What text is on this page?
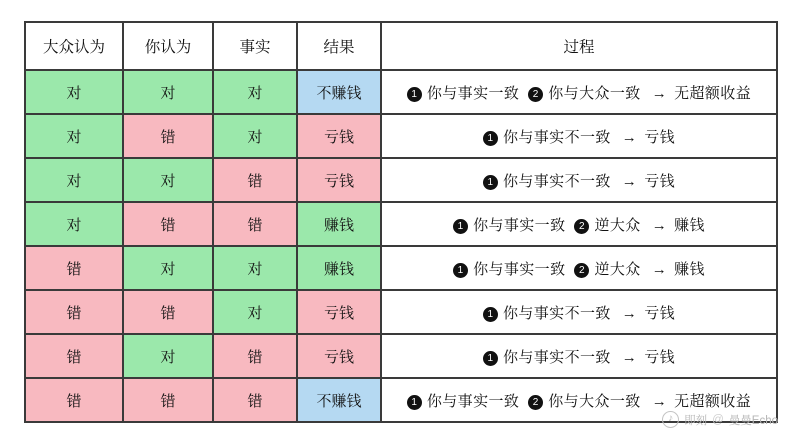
大众认为	你认为	事实	结果	过程
对	对	对	不赚钱	1 你与事实一致 2 你与大众一致 → 无超额收益
对	错	对	亏钱	1 你与事实不一致 → 亏钱
对	对	错	亏钱	1 你与事实不一致 → 亏钱
对	错	错	赚钱	1 你与事实一致 2 逆大众 → 赚钱
错	对	对	赚钱	1 你与事实一致 2 逆大众 → 赚钱
错	错	对	亏钱	1 你与事实不一致 → 亏钱
错	对	错	亏钱	1 你与事实不一致 → 亏钱
错	错	错	不赚钱	1 你与事实一致 2 你与大众一致 → 无超额收益
♪ 即刻 @ 曼曼Echo
